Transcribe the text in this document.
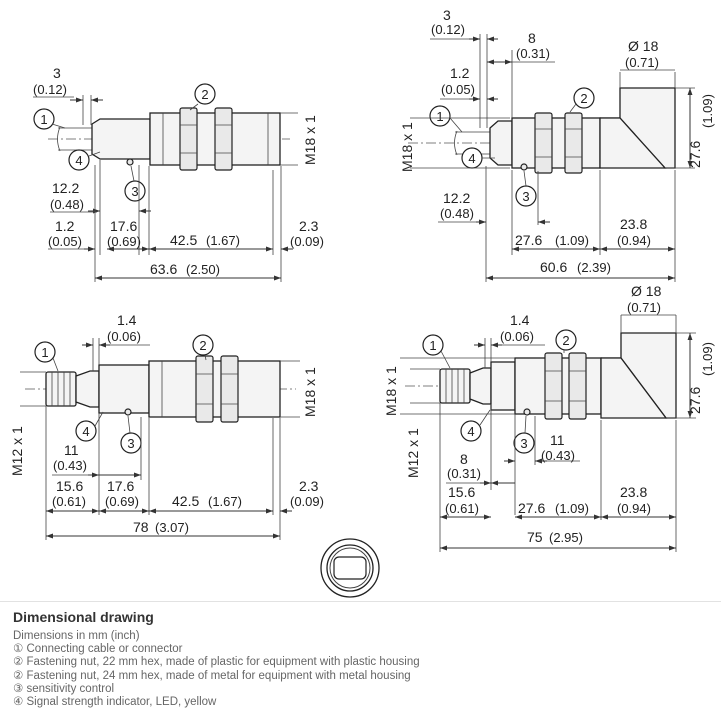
1
2
4
3
3
(0.12)
M18 x 1
12.2
(0.48)
1.2
(0.05)
17.6
(0.69) 42.5 (1.67)
2.3
(0.09)
63.6 (2.50)
1
2
4
3
3
(0.12)
8
(0.31)
1.2
(0.05)
Ø 18
(0.71)
27.6
(1.09)
M18 x 1
12.2
(0.48)
27.6 (1.09)
23.8
(0.94)
60.6 (2.39)
1	2
4
3
1.4
(0.06)
M12 x 1
M18 x 1
11
(0.43)
15.6
(0.61)
17.6
(0.69) 42.5 (1.67)
2.3
(0.09)
78 (3.07)
1	2
4
3
1.4
(0.06)
Ø 18
(0.71)
27.6
(1.09)
M18 x 1
M12 x 1	11
(0.43)
8
(0.31)
15.6
(0.61)	27.6 (1.09)
23.8
(0.94)
75 (2.95)
Dimensional drawing
Dimensions in mm (inch)
① Connecting cable or connector
② Fastening nut, 22 mm hex, made of plastic for equipment with plastic housing
② Fastening nut, 24 mm hex, made of metal for equipment with metal housing
③ sensitivity control
④ Signal strength indicator, LED, yellow
